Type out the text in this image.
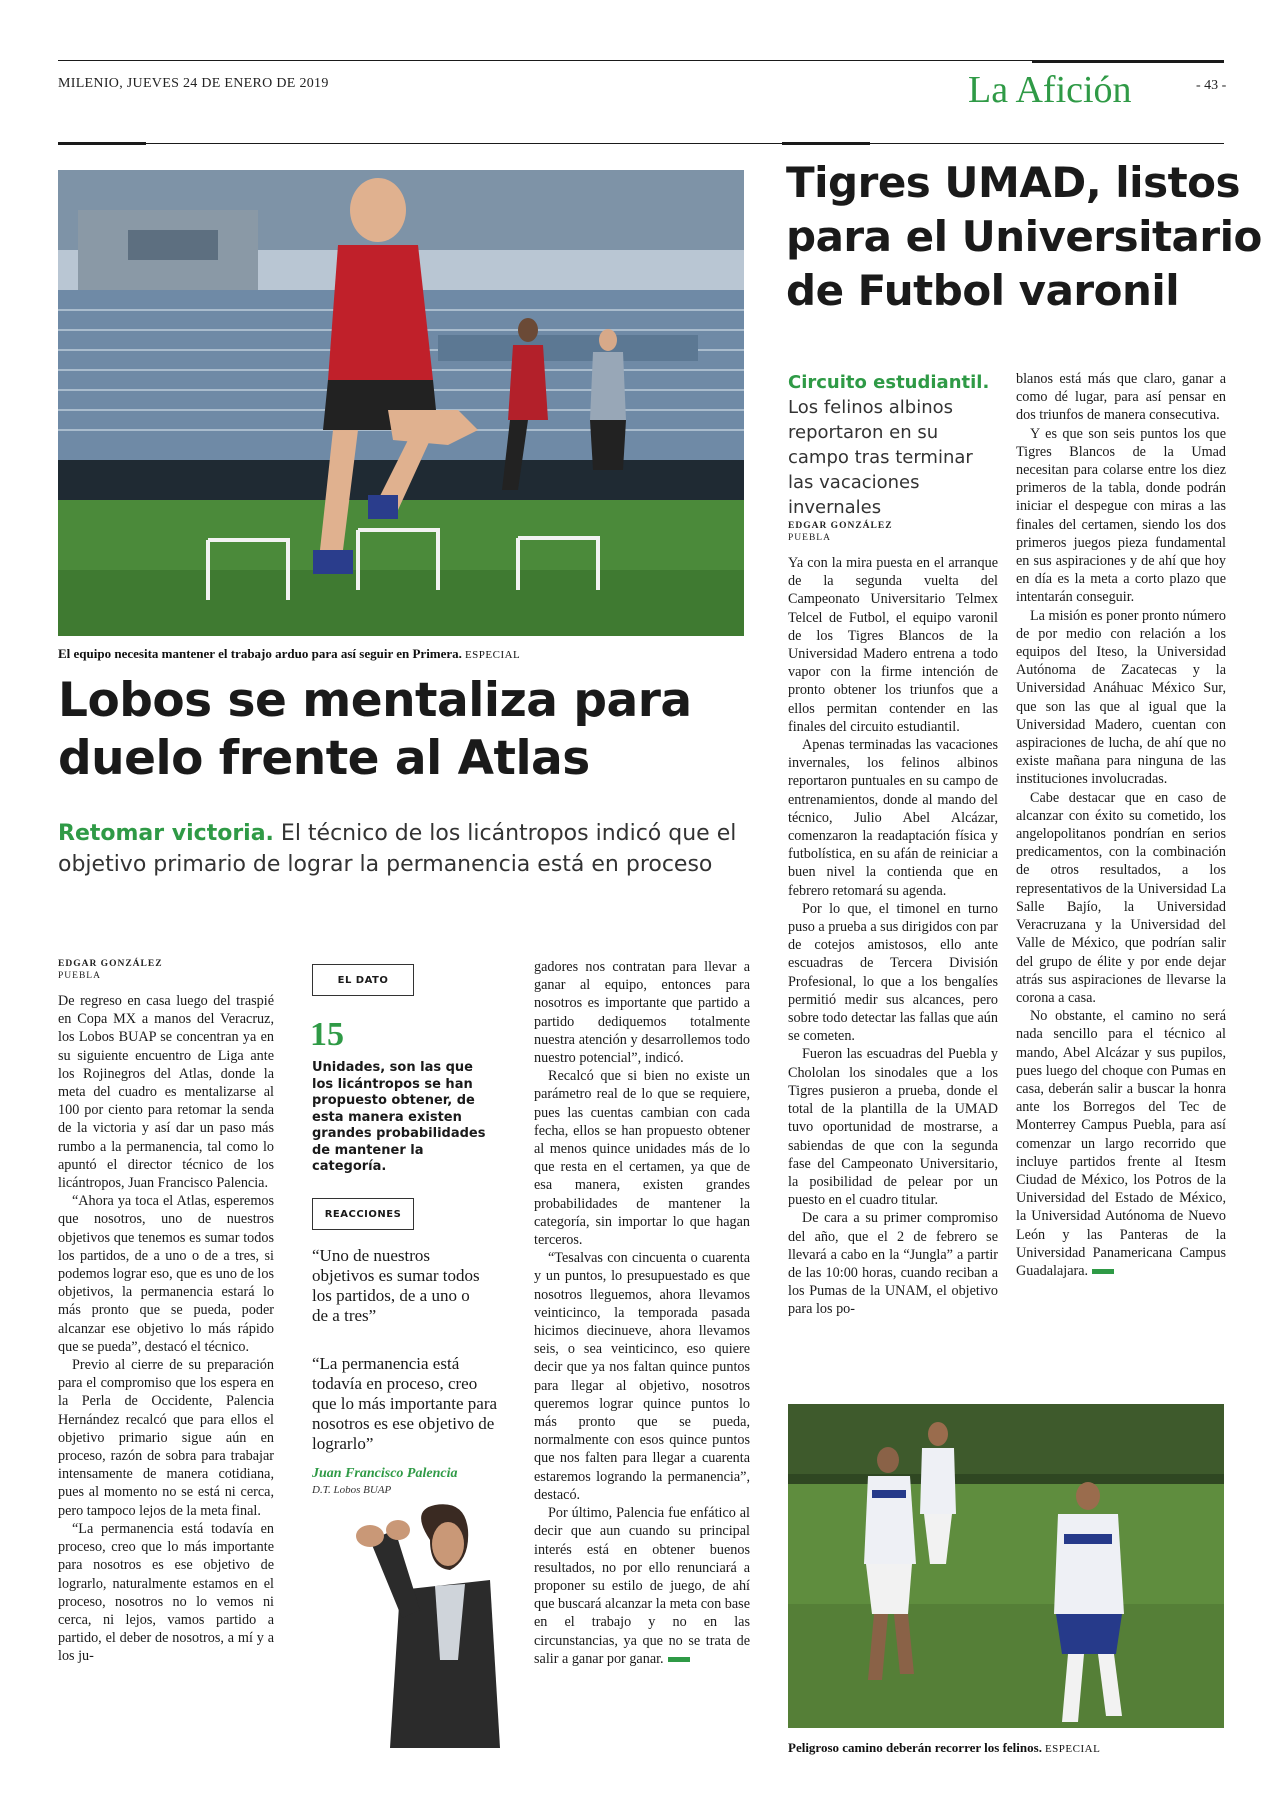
MILENIO, JUEVES 24 DE ENERO DE 2019	La Afición	- 43 -
El equipo necesita mantener el trabajo arduo para así seguir en Primera. ESPECIAL
Lobos se mentaliza para
duelo frente al Atlas
Retomar victoria. El técnico de los licántropos indicó que el objetivo primario de lograr la permanencia está en proceso
EDGAR GONZÁLEZ
PUEBLA

De regreso en casa luego del traspié en Copa MX a manos del Veracruz, los Lobos BUAP se concentran ya en su siguiente encuentro de Liga ante los Rojinegros del Atlas, donde la meta del cuadro es mentalizarse al 100 por ciento para retomar la senda de la victoria y así dar un paso más rumbo a la permanencia, tal como lo apuntó el director técnico de los licántropos, Juan Francisco Palencia.

“Ahora ya toca el Atlas, esperemos que nosotros, uno de nuestros objetivos que tenemos es sumar todos los partidos, de a uno o de a tres, si podemos lograr eso, que es uno de los objetivos, la permanencia estará lo más pronto que se pueda, poder alcanzar ese objetivo lo más rápido que se pueda”, destacó el técnico.

Previo al cierre de su preparación para el compromiso que los espera en la Perla de Occidente, Palencia Hernández recalcó que para ellos el objetivo primario sigue aún en proceso, razón de sobra para trabajar intensamente de manera cotidiana, pues al momento no se está ni cerca, pero tampoco lejos de la meta final.

“La permanencia está todavía en proceso, creo que lo más importante para nosotros es ese objetivo de lograrlo, naturalmente estamos en el proceso, nosotros no lo vemos ni cerca, ni lejos, vamos partido a partido, el deber de nosotros, a mí y a los ju-

EL DATO
15
Unidades, son las que los licántropos se han propuesto obtener, de esta manera existen grandes probabilidades de mantener la categoría.
REACCIONES
“Uno de nuestros objetivos es sumar todos los partidos, de a uno o de a tres”
“La permanencia está todavía en proceso, creo que lo más importante para nosotros es ese objetivo de lograrlo”
Juan Francisco Palencia
D.T. Lobos BUAP

gadores nos contratan para llevar a ganar al equipo, entonces para nosotros es importante que partido a partido dediquemos totalmente nuestra atención y desarrollemos todo nuestro potencial”, indicó.

Recalcó que si bien no existe un parámetro real de lo que se requiere, pues las cuentas cambian con cada fecha, ellos se han propuesto obtener al menos quince unidades más de lo que resta en el certamen, ya que de esa manera, existen grandes probabilidades de mantener la categoría, sin importar lo que hagan terceros.

“Tesalvas con cincuenta o cuarenta y un puntos, lo presupuestado es que nosotros lleguemos, ahora llevamos veinticinco, la temporada pasada hicimos diecinueve, ahora llevamos seis, o sea veinticinco, eso quiere decir que ya nos faltan quince puntos para llegar al objetivo, nosotros queremos lograr quince puntos lo más pronto que se pueda, normalmente con esos quince puntos que nos falten para llegar a cuarenta estaremos logrando la permanencia”, destacó.

Por último, Palencia fue enfático al decir que aun cuando su principal interés está en obtener buenos resultados, no por ello renunciará a proponer su estilo de juego, de ahí que buscará alcanzar la meta con base en el trabajo y no en las circunstancias, ya que no se trata de salir a ganar por ganar.

Tigres UMAD, listos
para el Universitario
de Futbol varonil
Circuito estudiantil.
Los felinos albinos reportaron en su campo tras terminar las vacaciones invernales
EDGAR GONZÁLEZ
PUEBLA

Ya con la mira puesta en el arranque de la segunda vuelta del Campeonato Universitario Telmex Telcel de Futbol, el equipo varonil de los Tigres Blancos de la Universidad Madero entrena a todo vapor con la firme intención de pronto obtener los triunfos que a ellos permitan contender en las finales del circuito estudiantil.

Apenas terminadas las vacaciones invernales, los felinos albinos reportaron puntuales en su campo de entrenamientos, donde al mando del técnico, Julio Abel Alcázar, comenzaron la readaptación física y futbolística, en su afán de reiniciar a buen nivel la contienda que en febrero retomará su agenda.

Por lo que, el timonel en turno puso a prueba a sus dirigidos con par de cotejos amistosos, ello ante escuadras de Tercera División Profesional, lo que a los bengalíes permitió medir sus alcances, pero sobre todo detectar las fallas que aún se cometen.

Fueron las escuadras del Puebla y Chololan los sinodales que a los Tigres pusieron a prueba, donde el total de la plantilla de la UMAD tuvo oportunidad de mostrarse, a sabiendas de que con la segunda fase del Campeonato Universitario, la posibilidad de pelear por un puesto en el cuadro titular.

De cara a su primer compromiso del año, que el 2 de febrero se llevará a cabo en la “Jungla” a partir de las 10:00 horas, cuando reciban a los Pumas de la UNAM, el objetivo para los po-

blanos está más que claro, ganar a como dé lugar, para así pensar en dos triunfos de manera consecutiva.

Y es que son seis puntos los que Tigres Blancos de la Umad necesitan para colarse entre los diez primeros de la tabla, donde podrán iniciar el despegue con miras a las finales del certamen, siendo los dos primeros juegos pieza fundamental en sus aspiraciones y de ahí que hoy en día es la meta a corto plazo que intentarán conseguir.

La misión es poner pronto número de por medio con relación a los equipos del Iteso, la Universidad Autónoma de Zacatecas y la Universidad Anáhuac México Sur, que son las que al igual que la Universidad Madero, cuentan con aspiraciones de lucha, de ahí que no existe mañana para ninguna de las instituciones involucradas.

Cabe destacar que en caso de alcanzar con éxito su cometido, los angelopolitanos pondrían en serios predicamentos, con la combinación de otros resultados, a los representativos de la Universidad La Salle Bajío, la Universidad Veracruzana y la Universidad del Valle de México, que podrían salir del grupo de élite y por ende dejar atrás sus aspiraciones de llevarse la corona a casa.

No obstante, el camino no será nada sencillo para el técnico al mando, Abel Alcázar y sus pupilos, pues luego del choque con Pumas en casa, deberán salir a buscar la honra ante los Borregos del Tec de Monterrey Campus Puebla, para así comenzar un largo recorrido que incluye partidos frente al Itesm Ciudad de México, los Potros de la Universidad del Estado de México, la Universidad Autónoma de Nuevo León y las Panteras de la Universidad Panamericana Campus Guadalajara.

Peligroso camino deberán recorrer los felinos. ESPECIAL
